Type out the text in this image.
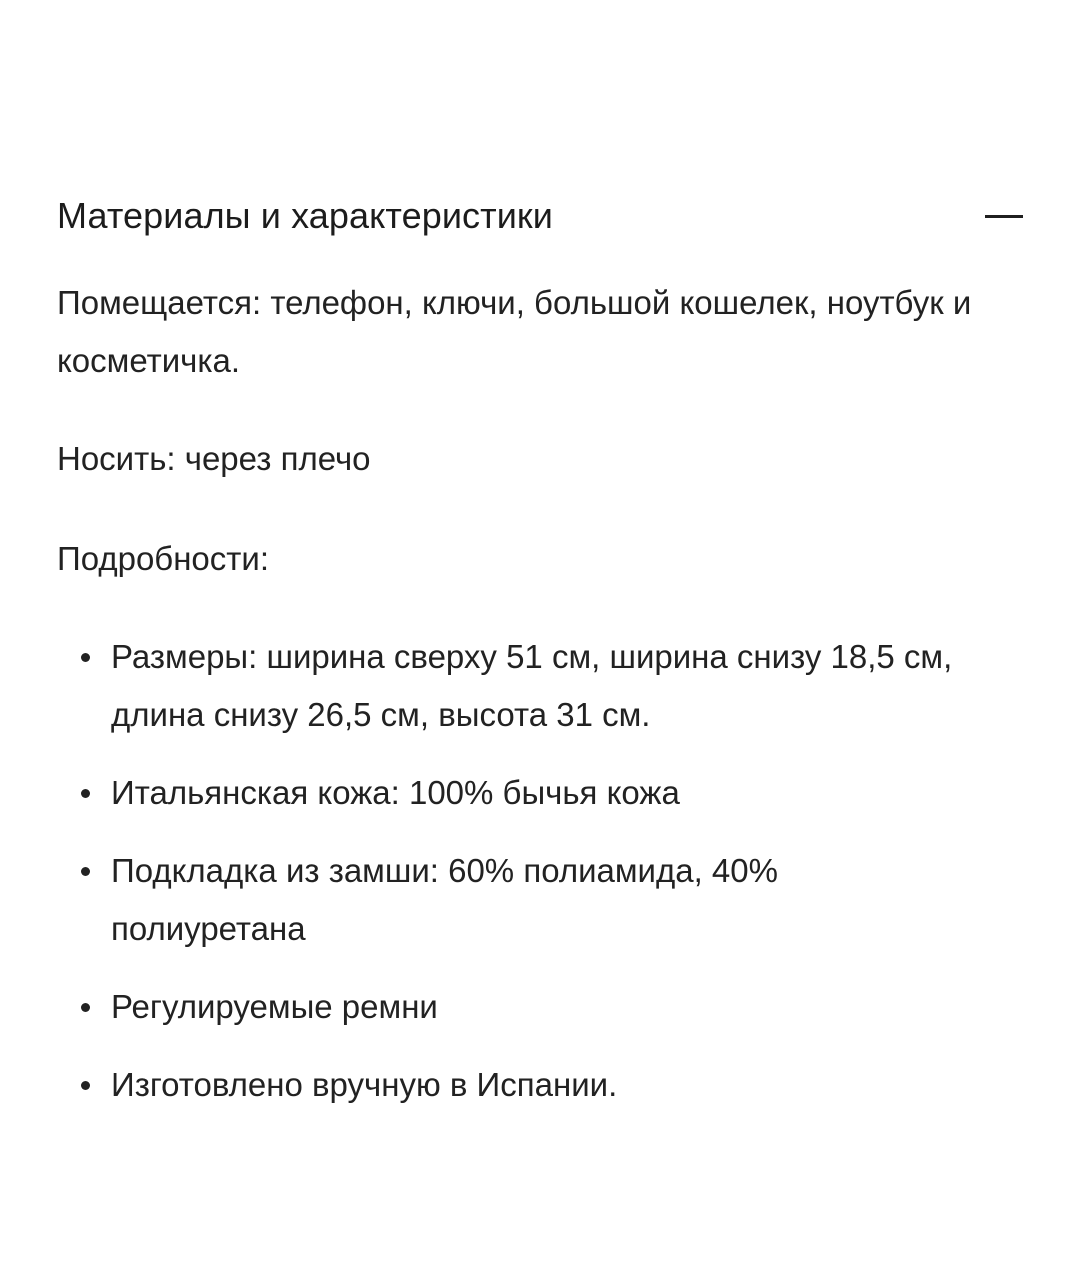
Материалы и характеристики

Помещается: телефон, ключи, большой кошелек, ноутбук и косметичка.

Носить: через плечо

Подробности:

Размеры: ширина сверху 51 см, ширина снизу 18,5 см, длина снизу 26,5 см, высота 31 см.
Итальянская кожа: 100% бычья кожа
Подкладка из замши: 60% полиамида, 40% полиуретана
Регулируемые ремни
Изготовлено вручную в Испании.
